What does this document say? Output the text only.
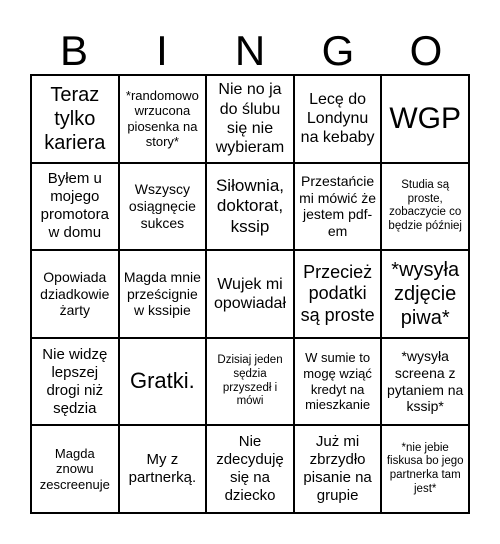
B	I	N	G	O
Teraz tylko kariera
*randomowo wrzucona piosenka na story*
Nie no ja do ślubu się nie wybieram
Lecę do Londynu na kebaby
WGP
Byłem u mojego promotora w domu
Wszyscy osiągnęcie sukces
Siłownia, doktorat, kssip
Przestańcie mi mówić że jestem pdf-em
Studia są proste, zobaczycie co będzie później
Opowiada dziadkowie żarty
Magda mnie prześcignie w kssipie
Wujek mi opowiadał
Przecież podatki są proste
*wysyła zdjęcie piwa*
Nie widzę lepszej drogi niż sędzia
Gratki.
Dzisiaj jeden sędzia przyszedł i mówi
W sumie to mogę wziąć kredyt na mieszkanie
*wysyła screena z pytaniem na kssip*
Magda znowu zescreenuje
My z partnerką.
Nie zdecyduję się na dziecko
Już mi zbrzydło pisanie na grupie
*nie jebie fiskusa bo jego partnerka tam jest*
